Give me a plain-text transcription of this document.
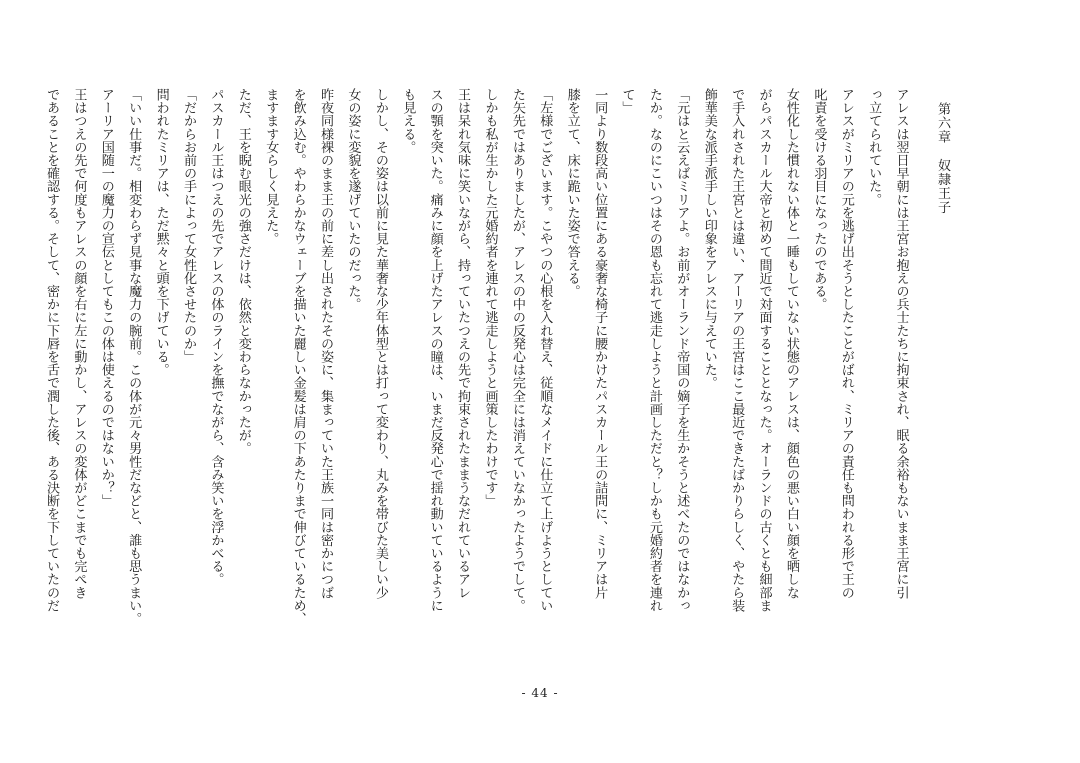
第六章　奴隷王子
アレスは翌日早朝には王宮お抱えの兵士たちに拘束され、眠る余裕もないまま王宮に引
っ立てられていた。
アレスがミリアの元を逃げ出そうとしたことがばれ、ミリアの責任も問われる形で王の
叱責を受ける羽目になったのである。
女性化した慣れない体と一睡もしていない状態のアレスは、顔色の悪い白い顔を晒しな
がらパスカール大帝と初めて間近で対面することとなった。オーランドの古くとも細部ま
で手入れされた王宮とは違い、アーリアの王宮はここ最近できたばかりらしく、やたら装
飾華美な派手派手しい印象をアレスに与えていた。
「元はと云えばミリアよ。お前がオーランド帝国の嫡子を生かそうと述べたのではなかっ
たか。なのにこいつはその恩も忘れて逃走しようと計画しただと？しかも元婚約者を連れ
て」
一同より数段高い位置にある豪奢な椅子に腰かけたパスカール王の詰問に、ミリアは片
膝を立て、床に跪いた姿で答える。
「左様でございます。こやつの心根を入れ替え、従順なメイドに仕立て上げようとしてい
た矢先ではありましたが、アレスの中の反発心は完全には消えていなかったようでして。
しかも私が生かした元婚約者を連れて逃走しようと画策したわけです」
王は呆れ気味に笑いながら、持っていたつえの先で拘束されたままうなだれているアレ
スの顎を突いた。痛みに顔を上げたアレスの瞳は、いまだ反発心で揺れ動いているように
も見える。
しかし、その姿は以前に見た華奢な少年体型とは打って変わり、丸みを帯びた美しい少
女の姿に変貌を遂げていたのだった。
昨夜同様裸のまま王の前に差し出されたその姿に、集まっていた王族一同は密かにつば
を飲み込む。やわらかなウェーブを描いた麗しい金髪は肩の下あたりまで伸びているため、
ますます女らしく見えた。
ただ、王を睨む眼光の強さだけは、依然と変わらなかったが。
パスカール王はつえの先でアレスの体のラインを撫でながら、含み笑いを浮かべる。
「だからお前の手によって女性化させたのか」
問われたミリアは、ただ黙々と頭を下げている。
「いい仕事だ。相変わらず見事な魔力の腕前。この体が元々男性だなどと、誰も思うまい。
アーリア国随一の魔力の宣伝としてもこの体は使えるのではないか？」
王はつえの先で何度もアレスの顔を右に左に動かし、アレスの変体がどこまでも完ぺき
であることを確認する。そして、密かに下唇を舌で潤した後、ある決断を下していたのだ
- 44 -
